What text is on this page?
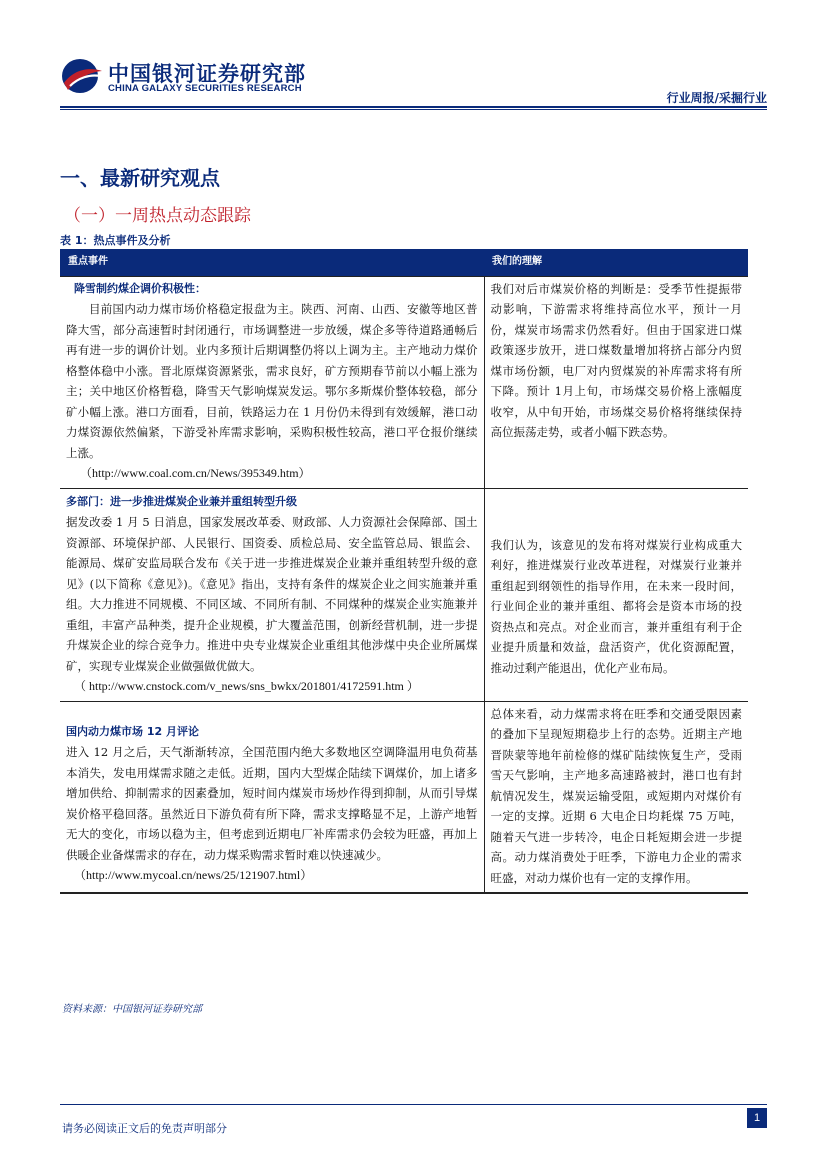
中国银河证券研究部
CHINA GALAXY SECURITIES RESEARCH
行业周报/采掘行业
一、最新研究观点
（一）一周热点动态跟踪
表 1：热点事件及分析
重点事件	我们的理解

降雪制约煤企调价积极性：

目前国内动力煤市场价格稳定报盘为主。陕西、河南、山西、安徽等地区普降大雪，部分高速暂时封闭通行，市场调整进一步放缓，煤企多等待道路通畅后再有进一步的调价计划。业内多预计后期调整仍将以上调为主。主产地动力煤价格整体稳中小涨。晋北原煤资源紧张，需求良好，矿方预期春节前以小幅上涨为主；关中地区价格暂稳，降雪天气影响煤炭发运。鄂尔多斯煤价整体较稳，部分矿小幅上涨。港口方面看，目前，铁路运力在 1 月份仍未得到有效缓解，港口动力煤资源依然偏紧，下游受补库需求影响，采购积极性较高，港口平仓报价继续上涨。

（http://www.coal.com.cn/News/395349.htm）	我们对后市煤炭价格的判断是：受季节性提振带动影响，下游需求将维持高位水平，预计一月份，煤炭市场需求仍然看好。但由于国家进口煤政策逐步放开，进口煤数量增加将挤占部分内贸煤市场份额，电厂对内贸煤炭的补库需求将有所下降。预计 1月上旬，市场煤交易价格上涨幅度收窄，从中旬开始，市场煤交易价格将继续保持高位振荡走势，或者小幅下跌态势。

多部门：进一步推进煤炭企业兼并重组转型升级

据发改委 1 月 5 日消息，国家发展改革委、财政部、人力资源社会保障部、国土资源部、环境保护部、人民银行、国资委、质检总局、安全监管总局、银监会、能源局、煤矿安监局联合发布《关于进一步推进煤炭企业兼并重组转型升级的意见》(以下简称《意见》)。《意见》指出，支持有条件的煤炭企业之间实施兼并重组。大力推进不同规模、不同区域、不同所有制、不同煤种的煤炭企业实施兼并重组，丰富产品种类，提升企业规模，扩大覆盖范围，创新经营机制，进一步提升煤炭企业的综合竞争力。推进中央专业煤炭企业重组其他涉煤中央企业所属煤矿，实现专业煤炭企业做强做优做大。

（ http://www.cnstock.com/v_news/sns_bwkx/201801/4172591.htm ）	我们认为，该意见的发布将对煤炭行业构成重大利好，推进煤炭行业改革进程，对煤炭行业兼并重组起到纲领性的指导作用，在未来一段时间，行业间企业的兼并重组、都将会是资本市场的投资热点和亮点。对企业而言，兼并重组有利于企业提升质量和效益，盘活资产，优化资源配置，推动过剩产能退出，优化产业布局。

国内动力煤市场 12 月评论

进入 12 月之后，天气渐渐转凉，全国范围内绝大多数地区空调降温用电负荷基本消失，发电用煤需求随之走低。近期，国内大型煤企陆续下调煤价，加上诸多增加供给、抑制需求的因素叠加，短时间内煤炭市场炒作得到抑制，从而引导煤炭价格平稳回落。虽然近日下游负荷有所下降，需求支撑略显不足，上游产地暂无大的变化，市场以稳为主，但考虑到近期电厂补库需求仍会较为旺盛，再加上供暖企业备煤需求的存在，动力煤采购需求暂时难以快速减少。

（http://www.mycoal.cn/news/25/121907.html）	总体来看，动力煤需求将在旺季和交通受限因素的叠加下呈现短期稳步上行的态势。近期主产地晋陕蒙等地年前检修的煤矿陆续恢复生产，受雨雪天气影响，主产地多高速路被封，港口也有封航情况发生，煤炭运输受阻，或短期内对煤价有一定的支撑。近期 6 大电企日均耗煤 75 万吨，随着天气进一步转冷，电企日耗短期会进一步提高。动力煤消费处于旺季，下游电力企业的需求旺盛，对动力煤价也有一定的支撑作用。

资料来源：中国银河证券研究部
请务必阅读正文后的免责声明部分
1
